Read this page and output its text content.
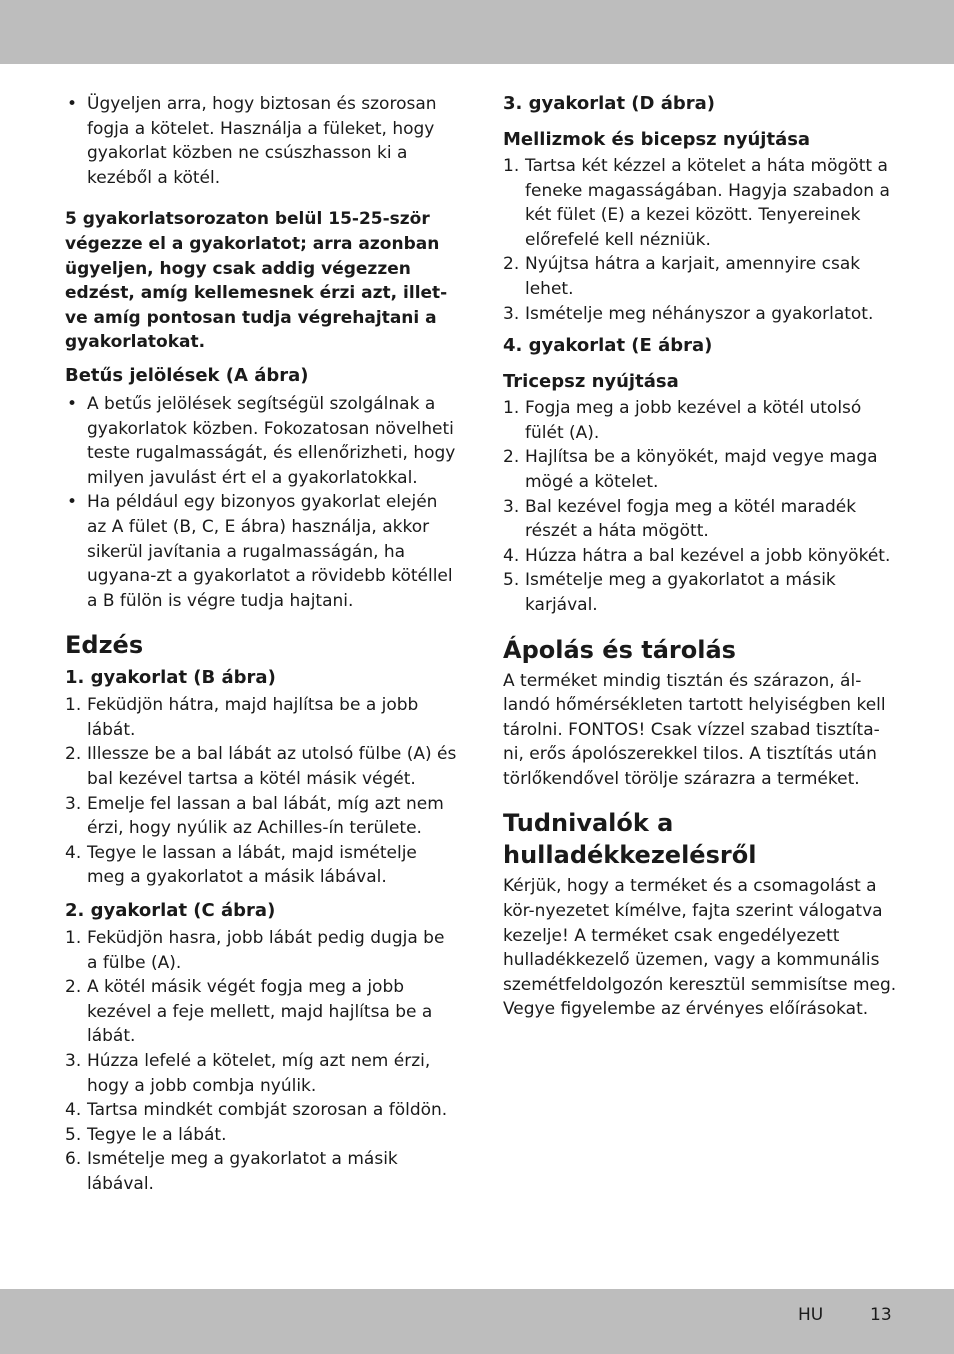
• Ügyeljen arra, hogy biztosan és szorosan fogja a kötelet. Használja a füleket, hogy gyakorlat közben ne csúszhasson ki a kezéből a kötél.

5 gyakorlatsorozaton belül 15-25-ször végezze el a gyakorlatot; arra azonban ügyeljen, hogy csak addig végezzen edzést, amíg kellemesnek érzi azt, illet-ve amíg pontosan tudja végrehajtani a gyakorlatokat.

Betűs jelölések (A ábra)

• A betűs jelölések segítségül szolgálnak a gyakorlatok közben. Fokozatosan növelheti teste rugalmasságát, és ellenőrizheti, hogy milyen javulást ért el a gyakorlatokkal.
• Ha például egy bizonyos gyakorlat elején az A fület (B, C, E ábra) használja, akkor sikerül javítania a rugalmasságán, ha ugyana-zt a gyakorlatot a rövidebb kötéllel a B fülön is végre tudja hajtani.

Edzés

1. gyakorlat (B ábra)

1. Feküdjön hátra, majd hajlítsa be a jobb lábát.
2. Illessze be a bal lábát az utolsó fülbe (A) és bal kezével tartsa a kötél másik végét.
3. Emelje fel lassan a bal lábát, míg azt nem érzi, hogy nyúlik az Achilles-ín területe.
4. Tegye le lassan a lábát, majd ismételje meg a gyakorlatot a másik lábával.

2. gyakorlat (C ábra)

1. Feküdjön hasra, jobb lábát pedig dugja be a fülbe (A).
2. A kötél másik végét fogja meg a jobb kezével a feje mellett, majd hajlítsa be a lábát.
3. Húzza lefelé a kötelet, míg azt nem érzi, hogy a jobb combja nyúlik.
4. Tartsa mindkét combját szorosan a földön.
5. Tegye le a lábát.
6. Ismételje meg a gyakorlatot a másik lábával.

3. gyakorlat (D ábra)

Mellizmok és bicepsz nyújtása

1. Tartsa két kézzel a kötelet a háta mögött a feneke magasságában. Hagyja szabadon a két fület (E) a kezei között. Tenyereinek előrefelé kell nézniük.
2. Nyújtsa hátra a karjait, amennyire csak lehet.
3. Ismételje meg néhányszor a gyakorlatot.

4. gyakorlat (E ábra)

Tricepsz nyújtása

1. Fogja meg a jobb kezével a kötél utolsó fülét (A).
2. Hajlítsa be a könyökét, majd vegye maga mögé a kötelet.
3. Bal kezével fogja meg a kötél maradék részét a háta mögött.
4. Húzza hátra a bal kezével a jobb könyökét.
5. Ismételje meg a gyakorlatot a másik karjával.

Ápolás és tárolás

A terméket mindig tisztán és szárazon, ál-landó hőmérsékleten tartott helyiségben kell tárolni. FONTOS! Csak vízzel szabad tisztíta-ni, erős ápolószerekkel tilos. A tisztítás után törlőkendővel törölje szárazra a terméket.

Tudnivalók a hulladékkezelésről

Kérjük, hogy a terméket és a csomagolást a kör-nyezetet kímélve, fajta szerint válogatva kezelje! A terméket csak engedélyezett hulladékkezelő üzemen, vagy a kommunális szemétfeldolgozón keresztül semmisítse meg. Vegye figyelembe az érvényes előírásokat.

HU	13
